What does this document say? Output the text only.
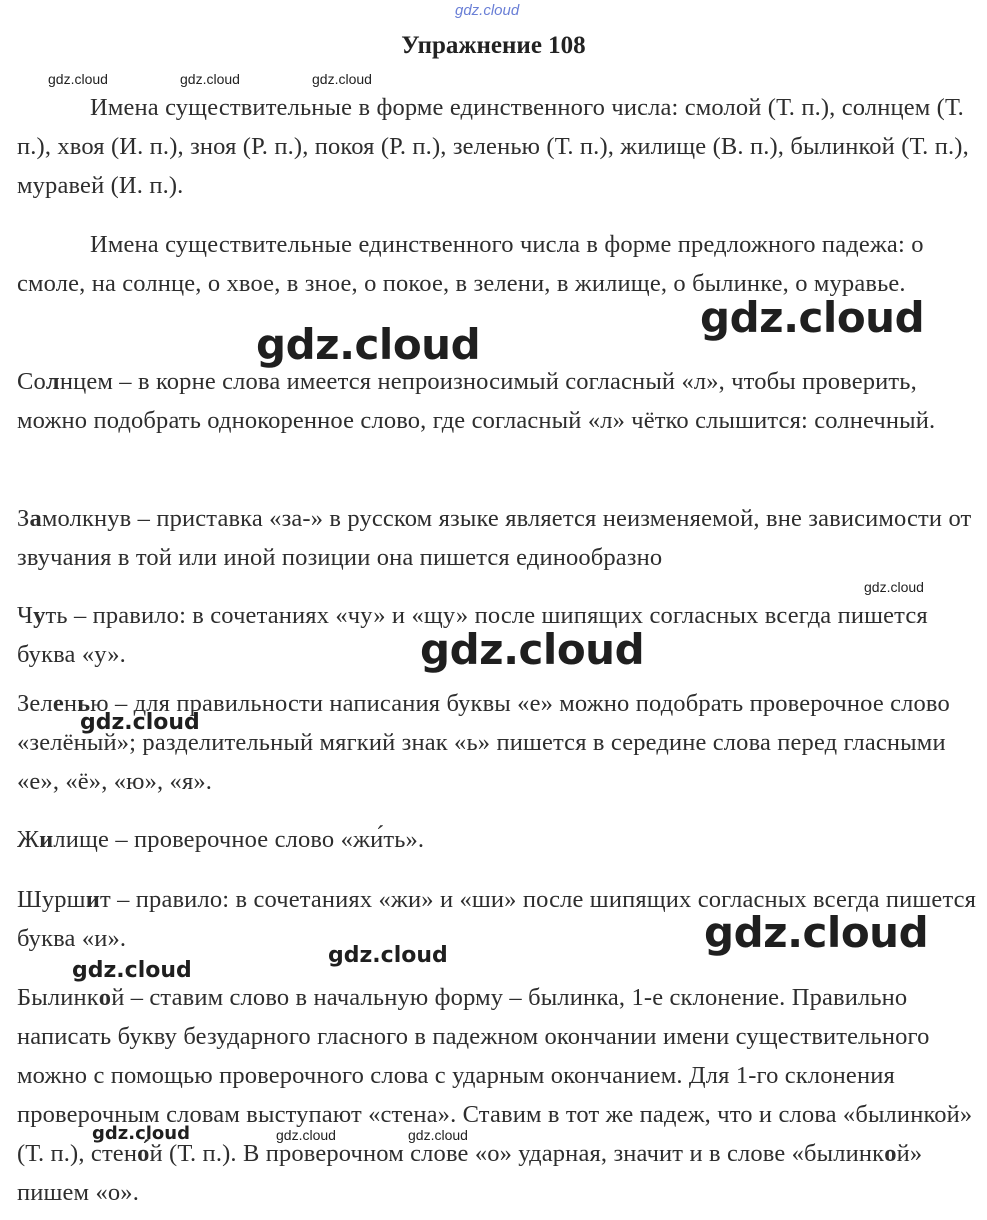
gdz.cloud
Упражнение 108
gdz.cloud	gdz.cloud	gdz.cloud

Имена существительные в форме единственного числа: смолой (Т. п.), солнцем (Т. п.), хвоя (И. п.), зноя (Р. п.), покоя (Р. п.), зеленью (Т. п.), жилище (В. п.), былинкой (Т. п.), муравей (И. п.).

Имена существительные единственного числа в форме предложного падежа: о смоле, на солнце, о хвое, в зное, о покое, в зелени, в жилище, о былинке, о муравье.

gdz.cloud
gdz.cloud

Солнцем – в корне слова имеется непроизносимый согласный «л», чтобы проверить, можно подобрать однокоренное слово, где согласный «л» чётко слышится: солнечный.

Замолкнув – приставка «за-» в русском языке является неизменяемой, вне зависимости от звучания в той или иной позиции она пишется единообразно

gdz.cloud

Чуть – правило: в сочетаниях «чу» и «щу» после шипящих согласных всегда пишется буква «у».	gdz.cloud

Зеленью – для правильности написания буквы «е» можно подобрать проверочное слово «зелёный»; разделительный мягкий знак «ь» пишется в середине слова перед гласными «е», «ё», «ю», «я».

gdz.cloud

Жилище – проверочное слово «жи́ть».

Шуршит – правило: в сочетаниях «жи» и «ши» после шипящих согласных всегда пишется буква «и».	gdz.cloud
gdz.cloud
gdz.cloud

Былинкой – ставим слово в начальную форму – былинка, 1-е склонение. Правильно написать букву безударного гласного в падежном окончании имени существительного можно с помощью проверочного слова с ударным окончанием. Для 1-го склонения проверочным словам выступают «стена». Ставим в тот же падеж, что и слова «былинкой» (Т. п.), стено́й (Т. п.). В проверочном слове «о» ударная, значит и в слове «былинкой» пишем «о».

gdz.cloud	gdz.cloud	gdz.cloud
